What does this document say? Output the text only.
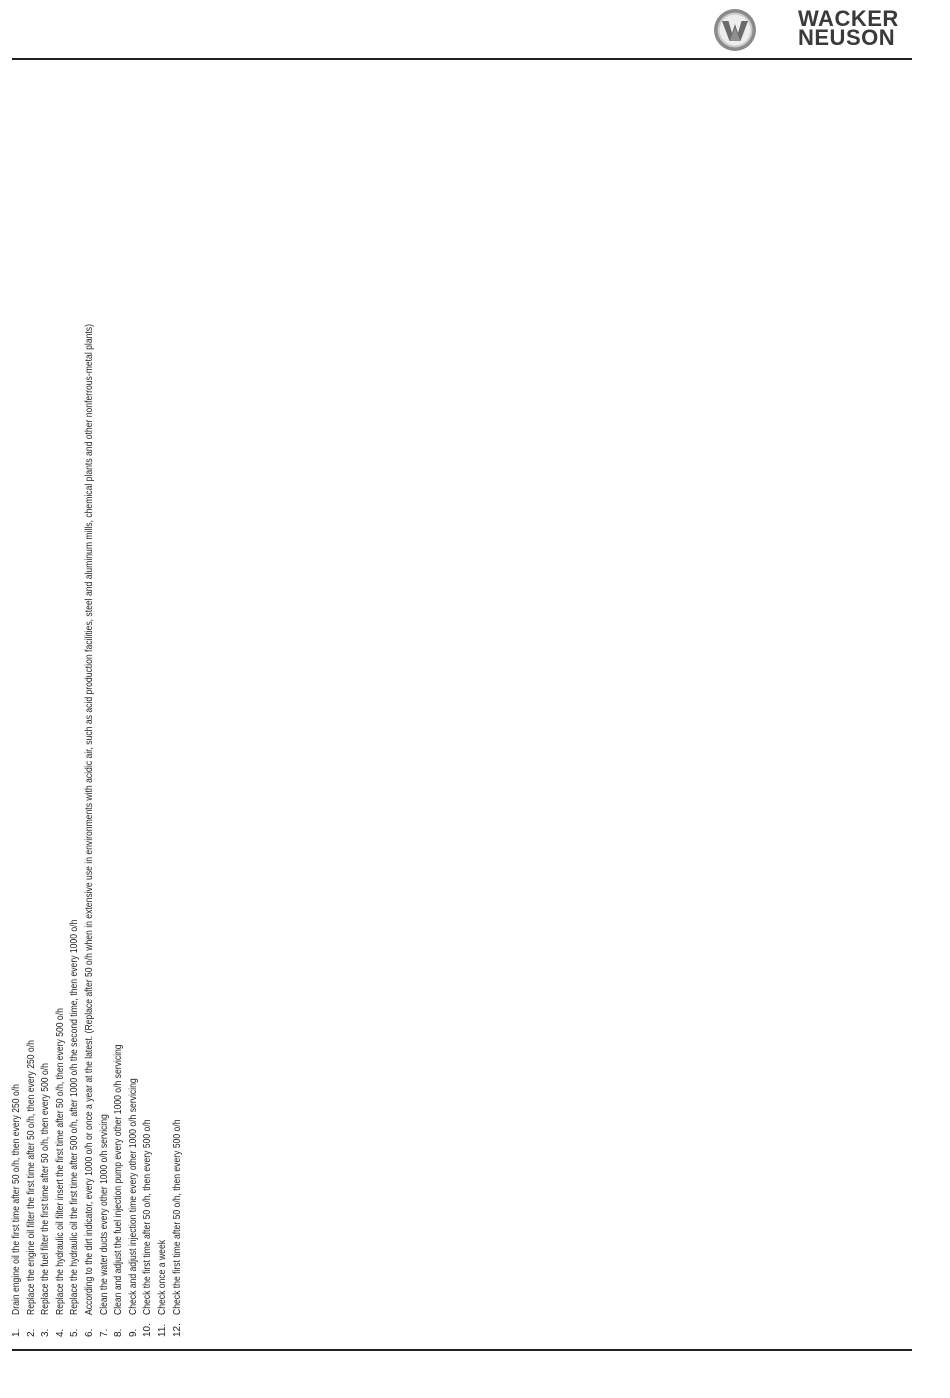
WACKER
NEUSON
1.
Drain engine oil the first time after 50 o/h, then every 250 o/h
2.
Replace the engine oil filter the first time after 50 o/h, then every 250 o/h
3.
Replace the fuel filter the first time after 50 o/h, then every 500 o/h
4.
Replace the hydraulic oil filter insert the first time after 50 o/h, then every 500 o/h
5.
Replace the hydraulic oil the first time after 500 o/h, after 1000 o/h the second time, then every 1000 o/h
6.
According to the dirt indicator, every 1000 o/h or once a year at the latest. (Replace after 50 o/h when in extensive use in environments with acidic air, such as acid production facilities, steel and aluminum mills, chemical plants and other nonferrous-metal plants)
7.
Clean the water ducts every other 1000 o/h servicing
8.
Clean and adjust the fuel injection pump every other 1000 o/h servicing
9.
Check and adjust injection time every other 1000 o/h servicing
10.
Check the first time after 50 o/h, then every 500 o/h
11.
Check once a week
12.
Check the first time after 50 o/h, then every 500 o/h
